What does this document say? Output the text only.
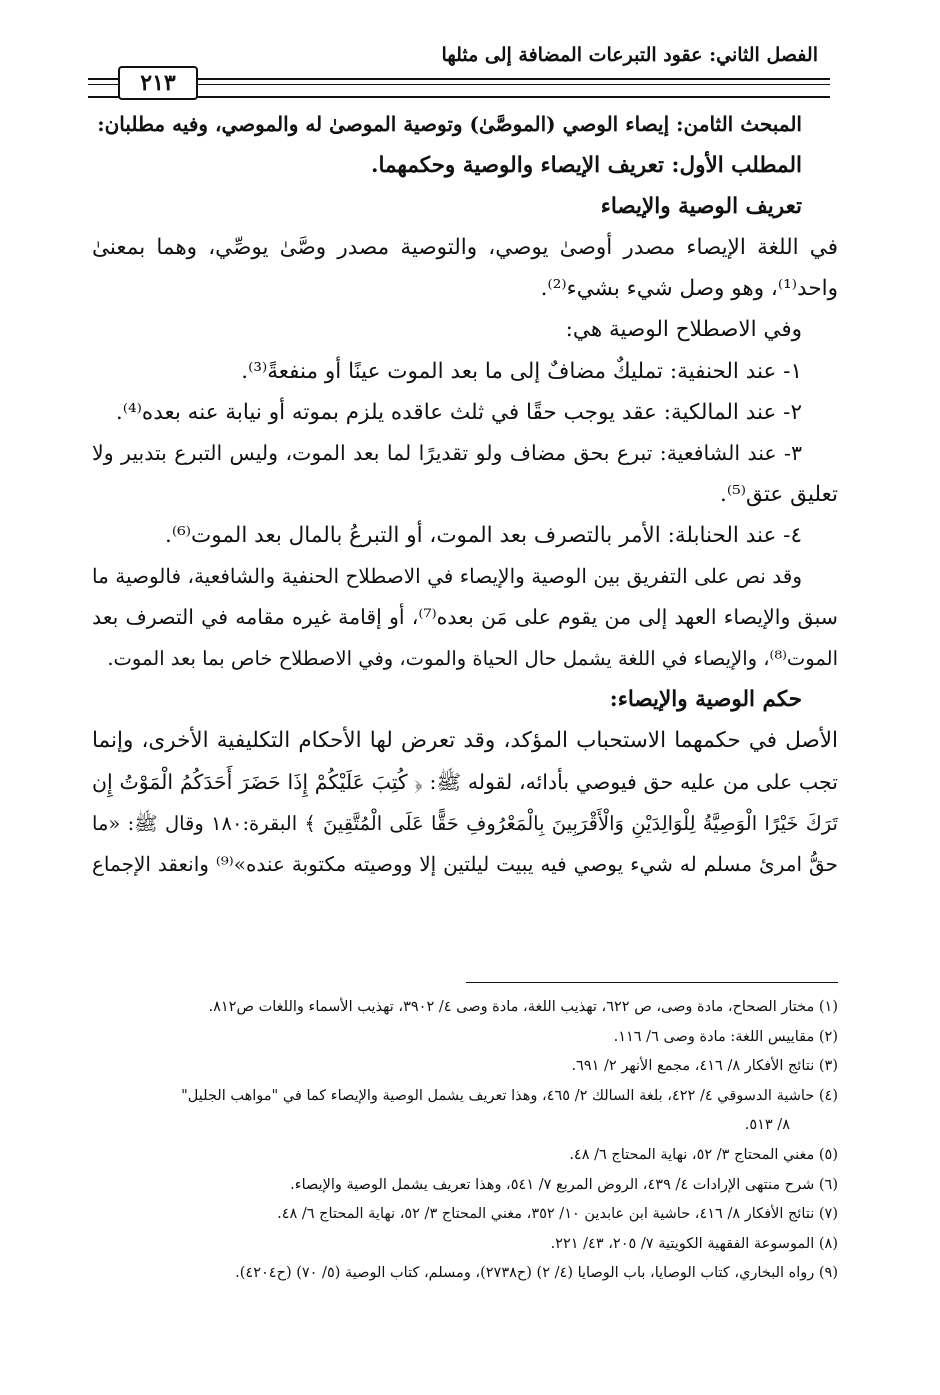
الفصل الثاني: عقود التبرعات المضافة إلى مثلها
٢١٣
المبحث الثامن: إيصاء الوصي (الموصَّىٰ) وتوصية الموصىٰ له والموصي، وفيه مطلبان:
المطلب الأول: تعريف الإيصاء والوصية وحكمهما.
تعريف الوصية والإيصاء
في اللغة الإيصاء مصدر أوصىٰ يوصي، والتوصية مصدر وصَّىٰ يوصِّي، وهما بمعنىٰ
واحد⁽¹⁾، وهو وصل شيء بشيء⁽²⁾.
وفي الاصطلاح الوصية هي:
١- عند الحنفية: تمليكٌ مضافٌ إلى ما بعد الموت عينًا أو منفعةً⁽³⁾.
٢- عند المالكية: عقد يوجب حقًا في ثلث عاقده يلزم بموته أو نيابة عنه بعده⁽⁴⁾.
٣- عند الشافعية: تبرع بحق مضاف ولو تقديرًا لما بعد الموت، وليس التبرع بتدبير ولا
تعليق عتق⁽⁵⁾.
٤- عند الحنابلة: الأمر بالتصرف بعد الموت، أو التبرعُ بالمال بعد الموت⁽⁶⁾.
وقد نص على التفريق بين الوصية والإيصاء في الاصطلاح الحنفية والشافعية، فالوصية ما
سبق والإيصاء العهد إلى من يقوم على مَن بعده⁽⁷⁾، أو إقامة غيره مقامه في التصرف بعد
الموت⁽⁸⁾، والإيصاء في اللغة يشمل حال الحياة والموت، وفي الاصطلاح خاص بما بعد الموت.
حكم الوصية والإيصاء:
الأصل في حكمهما الاستحباب المؤكد، وقد تعرض لها الأحكام التكليفية الأخرى، وإنما
تجب على من عليه حق فيوصي بأدائه، لقوله ﷺ: ﴿ كُتِبَ عَلَيْكُمْ إِذَا حَضَرَ أَحَدَكُمُ الْمَوْتُ إِن
تَرَكَ خَيْرًا الْوَصِيَّةُ لِلْوَالِدَيْنِ وَالْأَقْرَبِينَ بِالْمَعْرُوفِ حَقًّا عَلَى الْمُتَّقِينَ ﴾ البقرة:١٨٠ وقال ﷺ: «ما
حقُّ امرئ مسلم له شيء يوصي فيه يبيت ليلتين إلا ووصيته مكتوبة عنده»⁽⁹⁾ وانعقد الإجماع
(١) مختار الصحاح، مادة وصى، ص ٦٢٢، تهذيب اللغة، مادة وصى ٤/ ٣٩٠٢، تهذيب الأسماء واللغات ص٨١٢.
(٢) مقاييس اللغة: مادة وصى ٦/ ١١٦.
(٣) نتائج الأفكار ٨/ ٤١٦، مجمع الأنهر ٢/ ٦٩١.
(٤) حاشية الدسوقي ٤/ ٤٢٢، بلغة السالك ٢/ ٤٦٥، وهذا تعريف يشمل الوصية والإيصاء كما في "مواهب الجليل"
٨/ ٥١٣.
(٥) مغني المحتاج ٣/ ٥٢، نهاية المحتاج ٦/ ٤٨.
(٦) شرح منتهى الإرادات ٤/ ٤٣٩، الروض المربع ٧/ ٥٤١، وهذا تعريف يشمل الوصية والإيصاء.
(٧) نتائج الأفكار ٨/ ٤١٦، حاشية ابن عابدين ١٠/ ٣٥٢، مغني المحتاج ٣/ ٥٢، نهاية المحتاج ٦/ ٤٨.
(٨) الموسوعة الفقهية الكويتية ٧/ ٢٠٥، ٤٣/ ٢٢١.
(٩) رواه البخاري، كتاب الوصايا، باب الوصايا (٤/ ٢) (ح٢٧٣٨)، ومسلم، كتاب الوصية (٥/ ٧٠) (ح٤٢٠٤).
